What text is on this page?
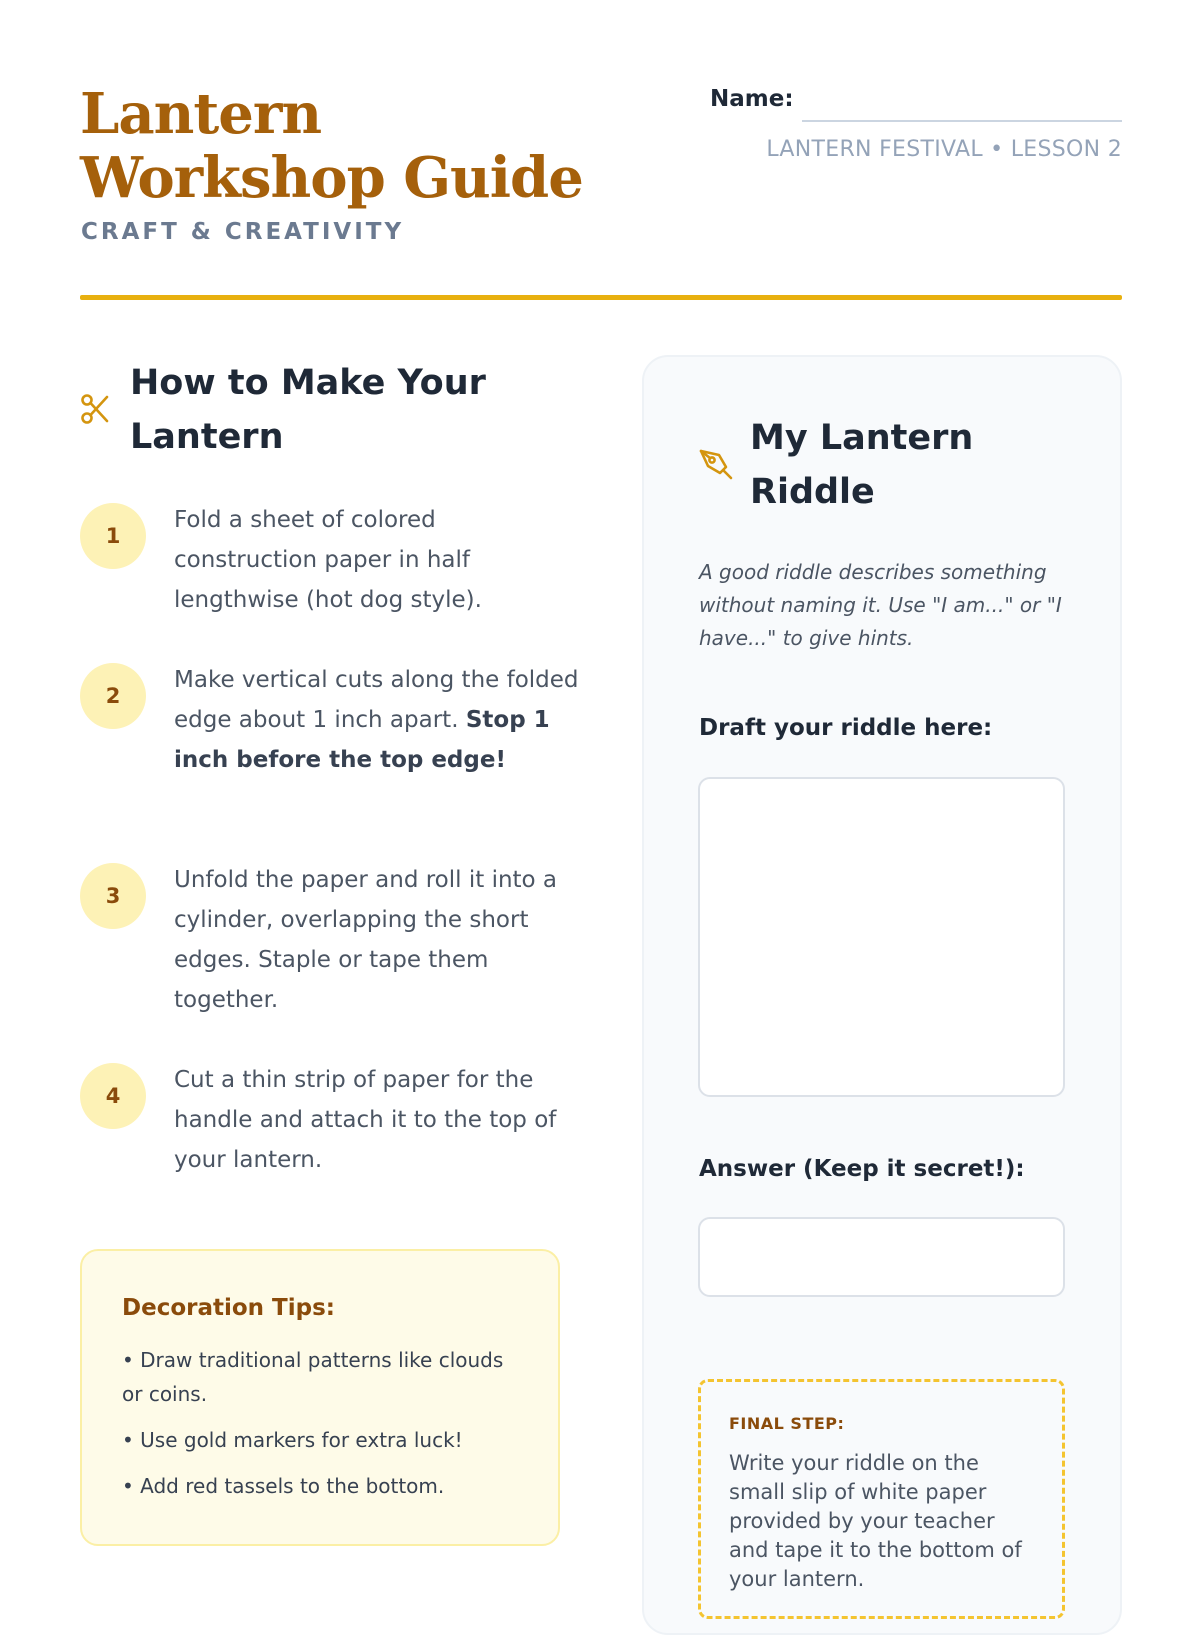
Lantern Workshop Guide
CRAFT & CREATIVITY
Name:
LANTERN FESTIVAL • LESSON 2
How to Make Your Lantern
1
Fold a sheet of colored construction paper in half lengthwise (hot dog style).
2
Make vertical cuts along the folded edge about 1 inch apart. Stop 1 inch before the top edge!
3
Unfold the paper and roll it into a cylinder, overlapping the short edges. Staple or tape them together.
4
Cut a thin strip of paper for the handle and attach it to the top of your lantern.
Decoration Tips:
• Draw traditional patterns like clouds or coins.
• Use gold markers for extra luck!
• Add red tassels to the bottom.
My Lantern Riddle
A good riddle describes something without naming it. Use "I am..." or "I have..." to give hints.
Draft your riddle here:
Answer (Keep it secret!):
FINAL STEP:
Write your riddle on the small slip of white paper provided by your teacher and tape it to the bottom of your lantern.
